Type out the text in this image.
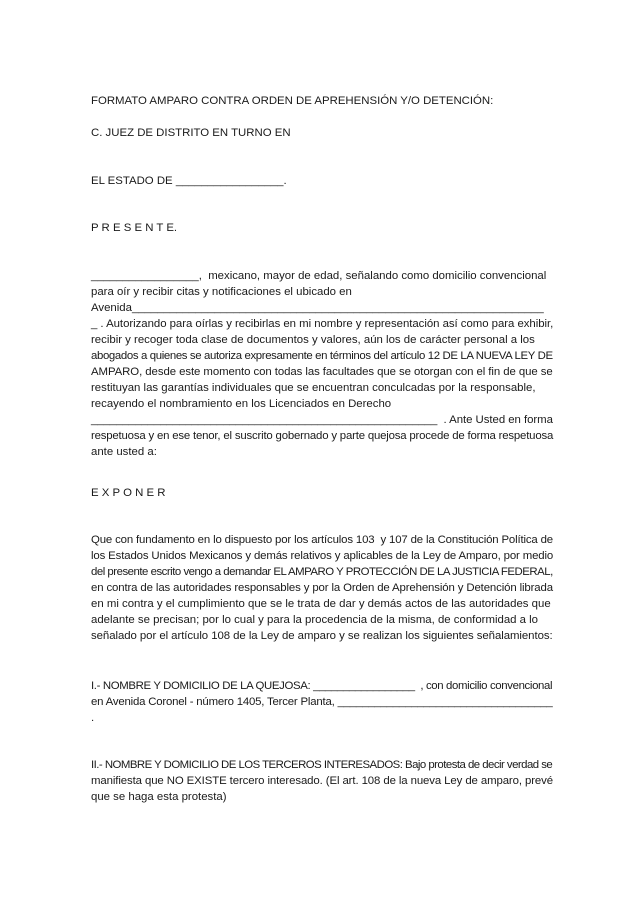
FORMATO AMPARO CONTRA ORDEN DE APREHENSIÓN Y/O DETENCIÓN:
C. JUEZ DE DISTRITO EN TURNO EN
EL ESTADO DE _________________.
P R E S E N T E.
_________________,  mexicano, mayor de edad, señalando como domicilio convencional
para oír y recibir citas y notificaciones el ubicado en
Avenida_________________________________________________________________
_ . Autorizando para oírlas y recibirlas en mi nombre y representación así como para exhibir,
recibir y recoger toda clase de documentos y valores, aún los de carácter personal a los
abogados a quienes se autoriza expresamente en términos del artículo 12 DE LA NUEVA LEY DE
AMPARO, desde este momento con todas las facultades que se otorgan con el fin de que se
restituyan las garantías individuales que se encuentran conculcadas por la responsable,
recayendo el nombramiento en los Licenciados en Derecho
_______________________________________________________  . Ante Usted en forma
respetuosa y en ese tenor, el suscrito gobernado y parte quejosa procede de forma respetuosa
ante usted a:
E X P O N E R
Que con fundamento en lo dispuesto por los artículos 103  y 107 de la Constitución Política de
los Estados Unidos Mexicanos y demás relativos y aplicables de la Ley de Amparo, por medio
del presente escrito vengo a demandar EL AMPARO Y PROTECCIÓN DE LA JUSTICIA FEDERAL,
en contra de las autoridades responsables y por la Orden de Aprehensión y Detención librada
en mi contra y el cumplimiento que se le trata de dar y demás actos de las autoridades que
adelante se precisan; por lo cual y para la procedencia de la misma, de conformidad a lo
señalado por el artículo 108 de la Ley de amparo y se realizan los siguientes señalamientos:
I.- NOMBRE Y DOMICILIO DE LA QUEJOSA: _________________  , con domicilio convencional
en Avenida Coronel - número 1405, Tercer Planta, ___________________________________
.
II.- NOMBRE Y DOMICILIO DE LOS TERCEROS INTERESADOS: Bajo protesta de decir verdad se
manifiesta que NO EXISTE tercero interesado. (El art. 108 de la nueva Ley de amparo, prevé
que se haga esta protesta)
